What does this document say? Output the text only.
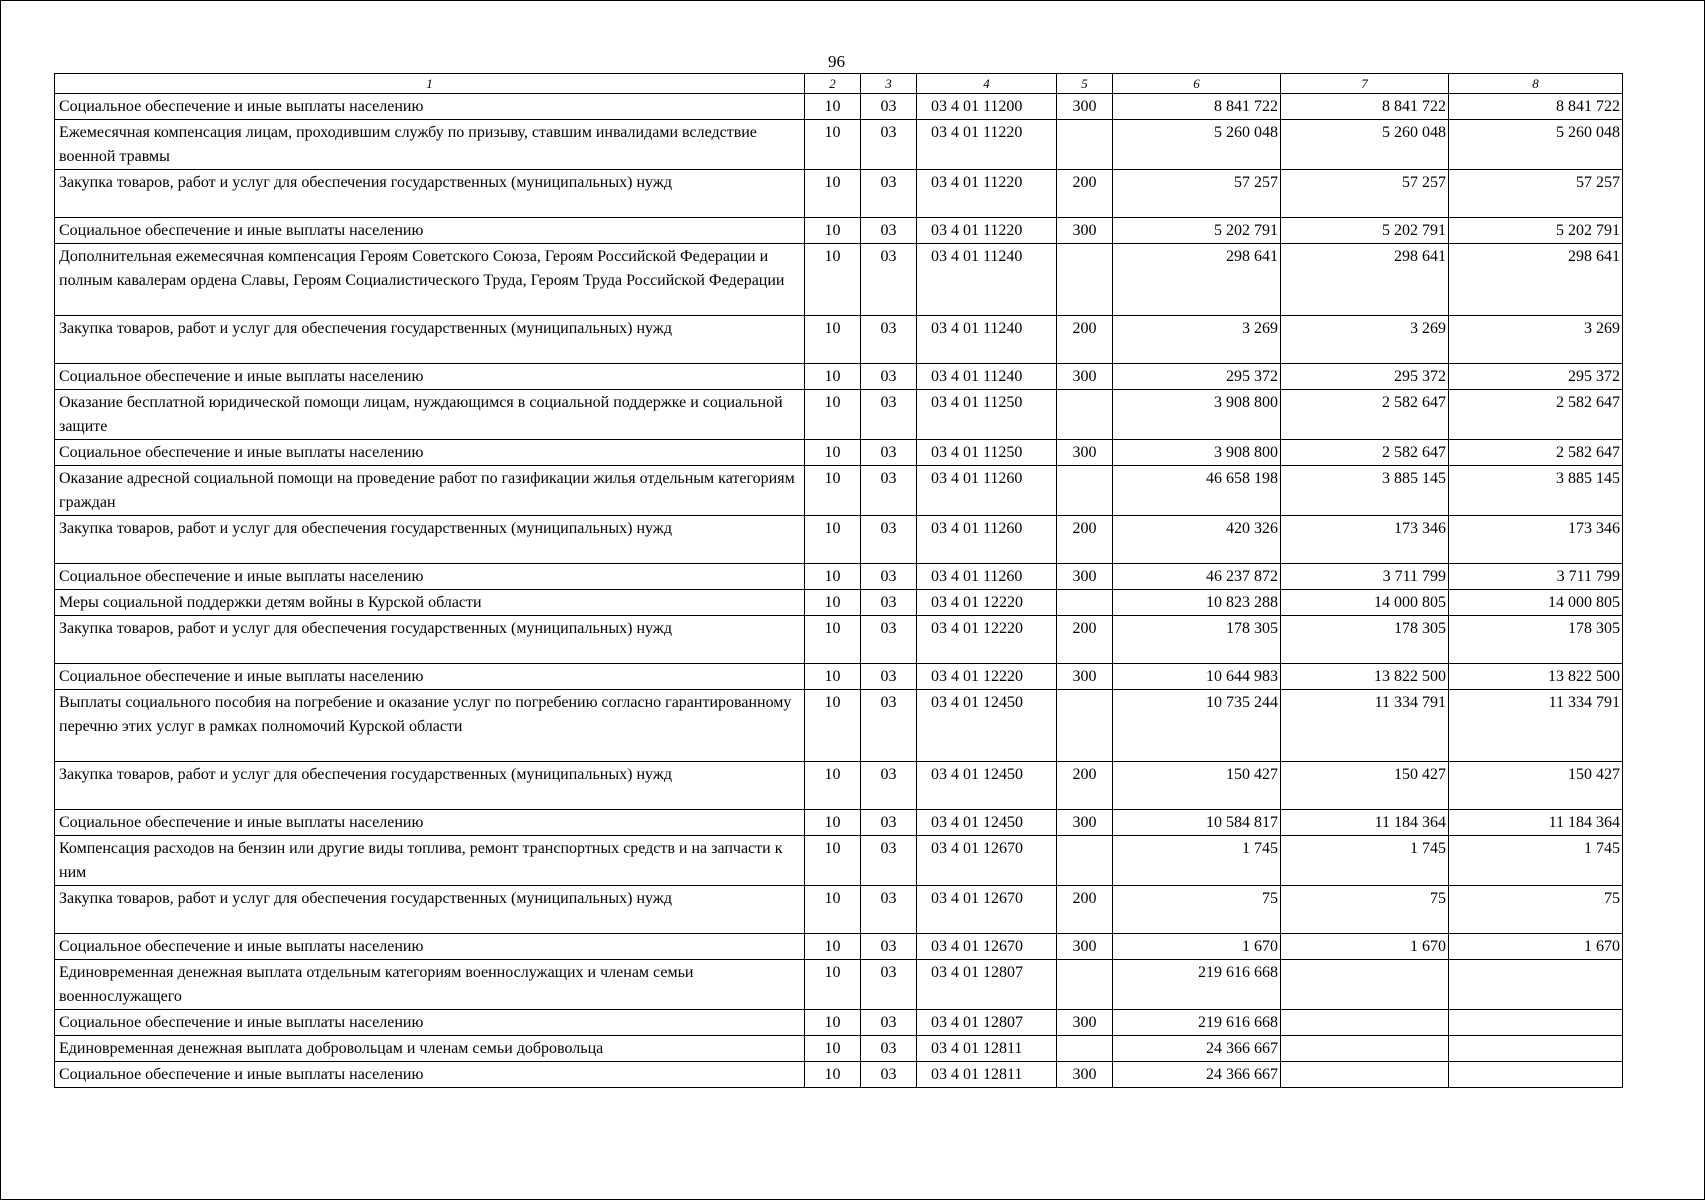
96
1	2	3	4	5	6	7	8
Социальное обеспечение и иные выплаты населению	10	03	03 4 01 11200	300	8 841 722	8 841 722	8 841 722
Ежемесячная компенсация лицам, проходившим службу по призыву, ставшим инвалидами вследствие военной травмы	10	03	03 4 01 11220		5 260 048	5 260 048	5 260 048
Закупка товаров, работ и услуг для обеспечения государственных (муниципальных) нужд	10	03	03 4 01 11220	200	57 257	57 257	57 257
Социальное обеспечение и иные выплаты населению	10	03	03 4 01 11220	300	5 202 791	5 202 791	5 202 791
Дополнительная ежемесячная компенсация Героям Советского Союза, Героям Российской Федерации и полным кавалерам ордена Славы, Героям Социалистического Труда, Героям Труда Российской Федерации	10	03	03 4 01 11240		298 641	298 641	298 641
Закупка товаров, работ и услуг для обеспечения государственных (муниципальных) нужд	10	03	03 4 01 11240	200	3 269	3 269	3 269
Социальное обеспечение и иные выплаты населению	10	03	03 4 01 11240	300	295 372	295 372	295 372
Оказание бесплатной юридической помощи лицам, нуждающимся в социальной поддержке и социальной защите	10	03	03 4 01 11250		3 908 800	2 582 647	2 582 647
Социальное обеспечение и иные выплаты населению	10	03	03 4 01 11250	300	3 908 800	2 582 647	2 582 647
Оказание адресной социальной помощи на проведение работ по газификации жилья отдельным категориям граждан	10	03	03 4 01 11260		46 658 198	3 885 145	3 885 145
Закупка товаров, работ и услуг для обеспечения государственных (муниципальных) нужд	10	03	03 4 01 11260	200	420 326	173 346	173 346
Социальное обеспечение и иные выплаты населению	10	03	03 4 01 11260	300	46 237 872	3 711 799	3 711 799
Меры социальной поддержки детям войны в Курской области	10	03	03 4 01 12220		10 823 288	14 000 805	14 000 805
Закупка товаров, работ и услуг для обеспечения государственных (муниципальных) нужд	10	03	03 4 01 12220	200	178 305	178 305	178 305
Социальное обеспечение и иные выплаты населению	10	03	03 4 01 12220	300	10 644 983	13 822 500	13 822 500
Выплаты социального пособия на погребение и оказание услуг по погребению согласно гарантированному перечню этих услуг в рамках полномочий Курской области	10	03	03 4 01 12450		10 735 244	11 334 791	11 334 791
Закупка товаров, работ и услуг для обеспечения государственных (муниципальных) нужд	10	03	03 4 01 12450	200	150 427	150 427	150 427
Социальное обеспечение и иные выплаты населению	10	03	03 4 01 12450	300	10 584 817	11 184 364	11 184 364
Компенсация расходов на бензин или другие виды топлива, ремонт транспортных средств и на запчасти к ним	10	03	03 4 01 12670		1 745	1 745	1 745
Закупка товаров, работ и услуг для обеспечения государственных (муниципальных) нужд	10	03	03 4 01 12670	200	75	75	75
Социальное обеспечение и иные выплаты населению	10	03	03 4 01 12670	300	1 670	1 670	1 670
Единовременная денежная выплата отдельным категориям военнослужащих и членам семьи военнослужащего	10	03	03 4 01 12807		219 616 668		
Социальное обеспечение и иные выплаты населению	10	03	03 4 01 12807	300	219 616 668		
Единовременная денежная выплата добровольцам и членам семьи добровольца	10	03	03 4 01 12811		24 366 667		
Социальное обеспечение и иные выплаты населению	10	03	03 4 01 12811	300	24 366 667		
